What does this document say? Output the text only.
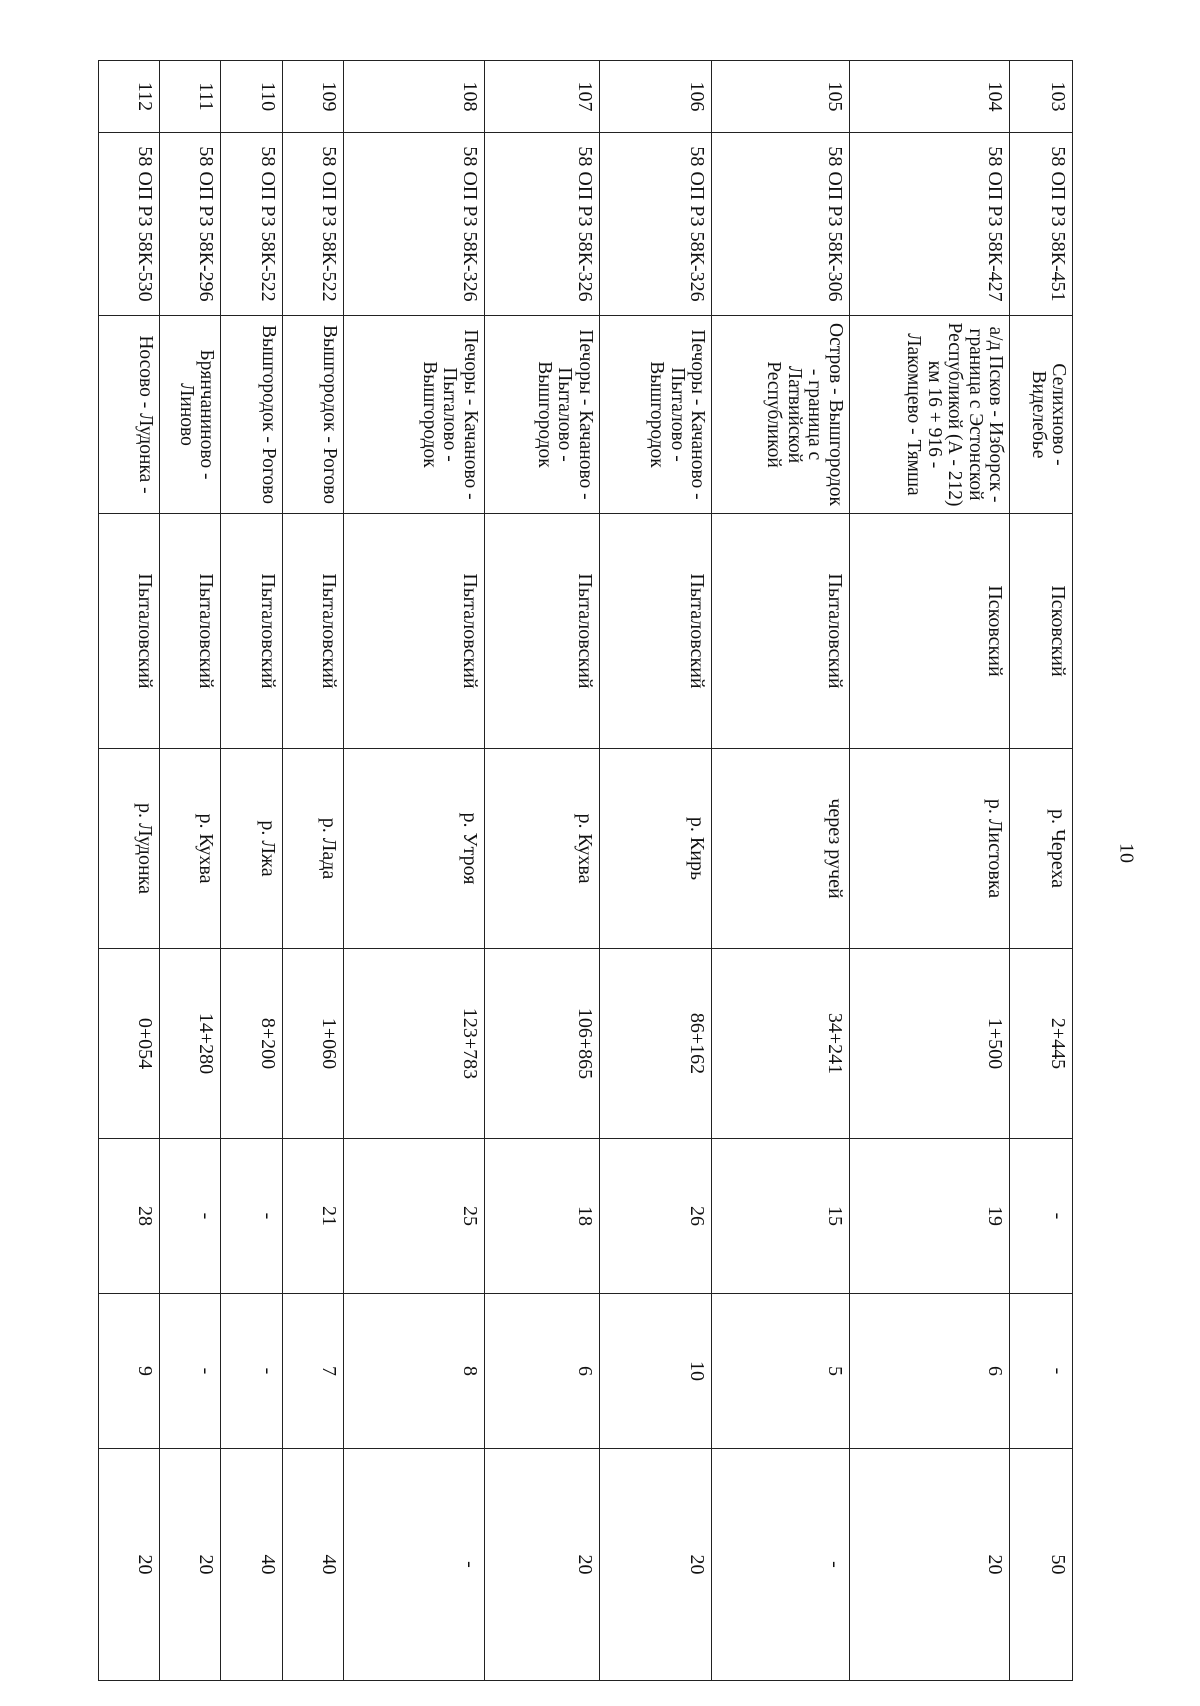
10
103	58 ОП РЗ 58К-451	Селихново - Виделебье	Псковский	р. Череха	2+445	-	-	50
104	58 ОП РЗ 58К-427	а/д Псков - Изборск - граница с Эстонской Республикой (А - 212) км 16 + 916 - Лакомцево - Тямша	Псковский	р. Листовка	1+500	19	6	20
105	58 ОП РЗ 58К-306	Остров - Вышгородок - граница с Латвийской Республикой	Пыталовский	через ручей	34+241	15	5	-
106	58 ОП РЗ 58К-326	Печоры - Качаново - Пыталово - Вышгородок	Пыталовский	р. Кирь	86+162	26	10	20
107	58 ОП РЗ 58К-326	Печоры - Качаново - Пыталово - Вышгородок	Пыталовский	р. Кухва	106+865	18	6	20
108	58 ОП РЗ 58К-326	Печоры - Качаново - Пыталово - Вышгородок	Пыталовский	р. Утроя	123+783	25	8	-
109	58 ОП РЗ 58К-522	Вышгородок - Рогово	Пыталовский	р. Лада	1+060	21	7	40
110	58 ОП РЗ 58К-522	Вышгородок - Рогово	Пыталовский	р. Лжа	8+200	-	-	40
111	58 ОП РЗ 58К-296	Брянчаниново - Линово	Пыталовский	р. Кухва	14+280	-	-	20
112	58 ОП РЗ 58К-530	Носово - Лудонка -	Пыталовский	р. Лудонка	0+054	28	9	20
